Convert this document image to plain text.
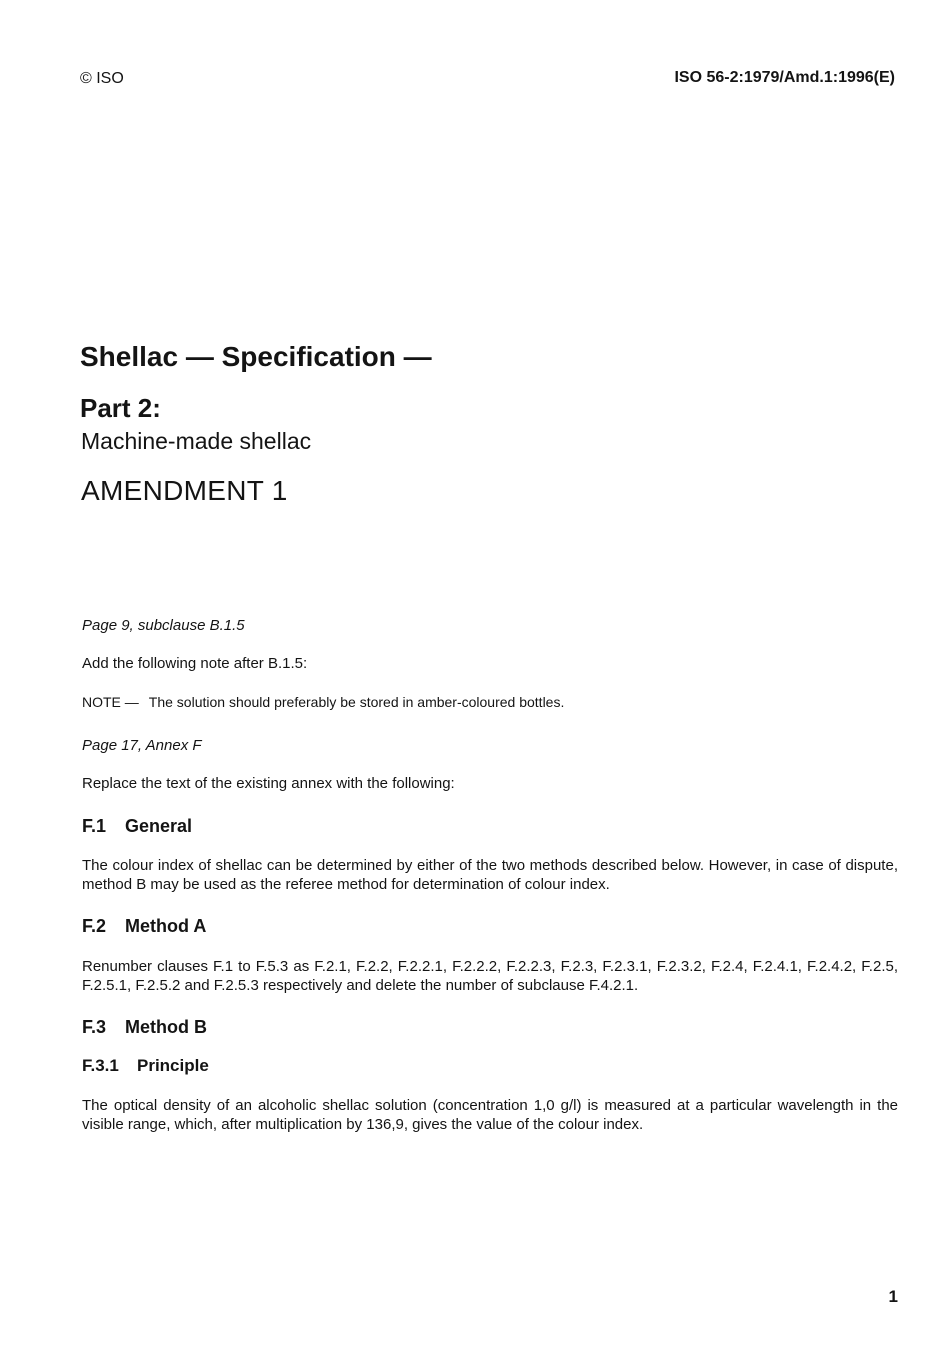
© ISO	ISO 56-2:1979/Amd.1:1996(E)
Shellac — Specification —
Part 2:
Machine-made shellac
AMENDMENT 1
Page 9, subclause B.1.5
Add the following note after B.1.5:
NOTE — The solution should preferably be stored in amber-coloured bottles.
Page 17, Annex F
Replace the text of the existing annex with the following:
F.1 General
The colour index of shellac can be determined by either of the two methods described below. However, in case of dispute, method B may be used as the referee method for determination of colour index.
F.2 Method A
Renumber clauses F.1 to F.5.3 as F.2.1, F.2.2, F.2.2.1, F.2.2.2, F.2.2.3, F.2.3, F.2.3.1, F.2.3.2, F.2.4, F.2.4.1, F.2.4.2, F.2.5, F.2.5.1, F.2.5.2 and F.2.5.3 respectively and delete the number of subclause F.4.2.1.
F.3 Method B
F.3.1 Principle
The optical density of an alcoholic shellac solution (concentration 1,0 g/l) is measured at a particular wavelength in the visible range, which, after multiplication by 136,9, gives the value of the colour index.
1
